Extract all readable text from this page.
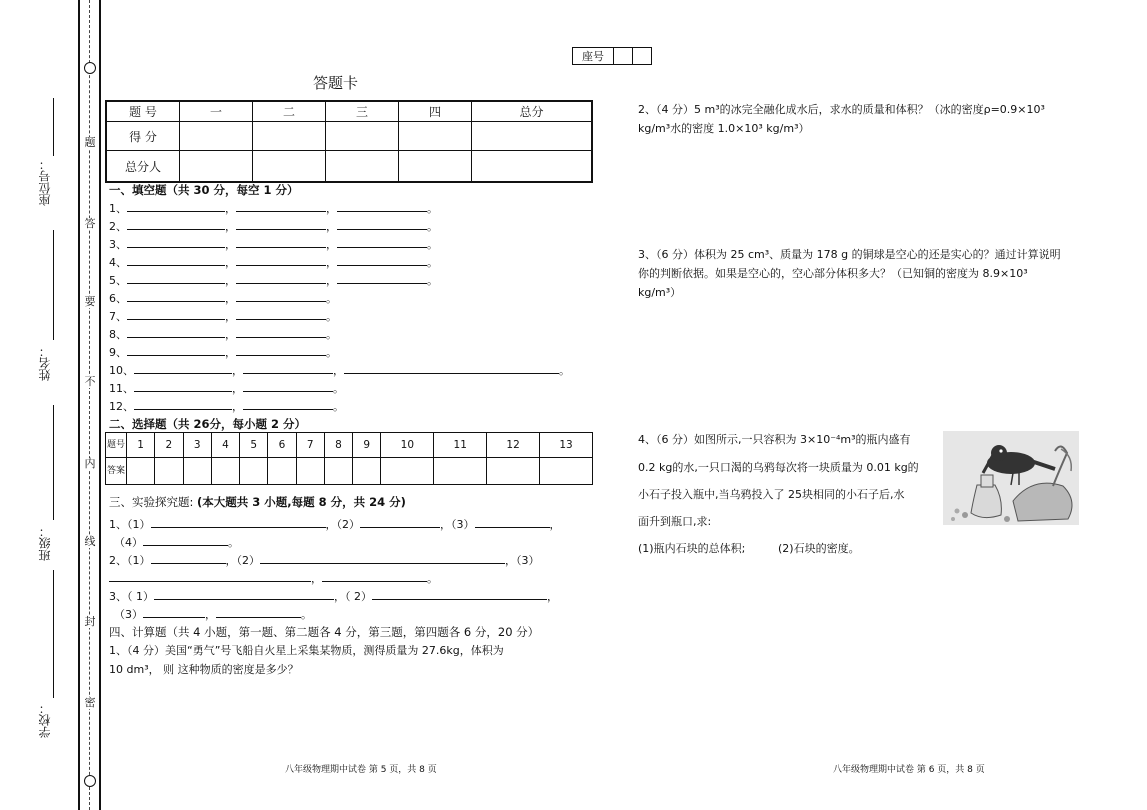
题
答
要
不
内
线
封
密
座位号：
姓名：
班级：
学校：
座号		
答题卡
题 号	一	二	三	四	总分
得 分					
总分人					
一、填空题（共 30 分，每空 1 分）
1、	，	，	。
2、	，	，	。
3、	，	，	。
4、	，	，	。
5、	，	，	。
6、	，	。
7、	，	。
8、	，	。
9、	，	。
10、	，	，	。
11、	，	。
12、	，	。
二、选择题（共 26分，每小题 2 分）
题号	1	2	3	4	5	6	7	8	9	10	11	12	13
答案													
三、实验探究题: (本大题共 3 小题,每题 8 分，共 24 分)
1、（1）	，（2）	，（3）	，
（4）	。
2、（1）	，（2）	，（3）
，	。
3、（ 1）	，（ 2）	，
（3）	，	。
四、计算题（共 4 小题，第一题、第二题各 4 分，第三题，第四题各 6 分，20 分）
1、（4 分）美国“勇气”号飞船自火星上采集某物质，测得质量为 27.6kg，体积为
10 dm³， 则 这种物质的密度是多少？
2、（4 分）5 m³的冰完全融化成水后，求水的质量和体积？（冰的密度ρ=0.9×10³
kg/m³水的密度 1.0×10³ kg/m³）
3、（6 分）体积为 25 cm³、质量为 178 g 的铜球是空心的还是实心的？通过计算说明
你的判断依据。如果是空心的，空心部分体积多大？（已知铜的密度为 8.9×10³
kg/m³）
4、（6 分）如图所示,一只容积为 3×10⁻⁴m³的瓶内盛有
0.2 kg的水,一只口渴的乌鸦每次将一块质量为 0.01 kg的
小石子投入瓶中,当乌鸦投入了 25块相同的小石子后,水
面升到瓶口,求:
(1)瓶内石块的总体积;	(2)石块的密度。
八年级物理期中试卷 第 5 页，共 8 页	八年级物理期中试卷 第 6 页，共 8 页
